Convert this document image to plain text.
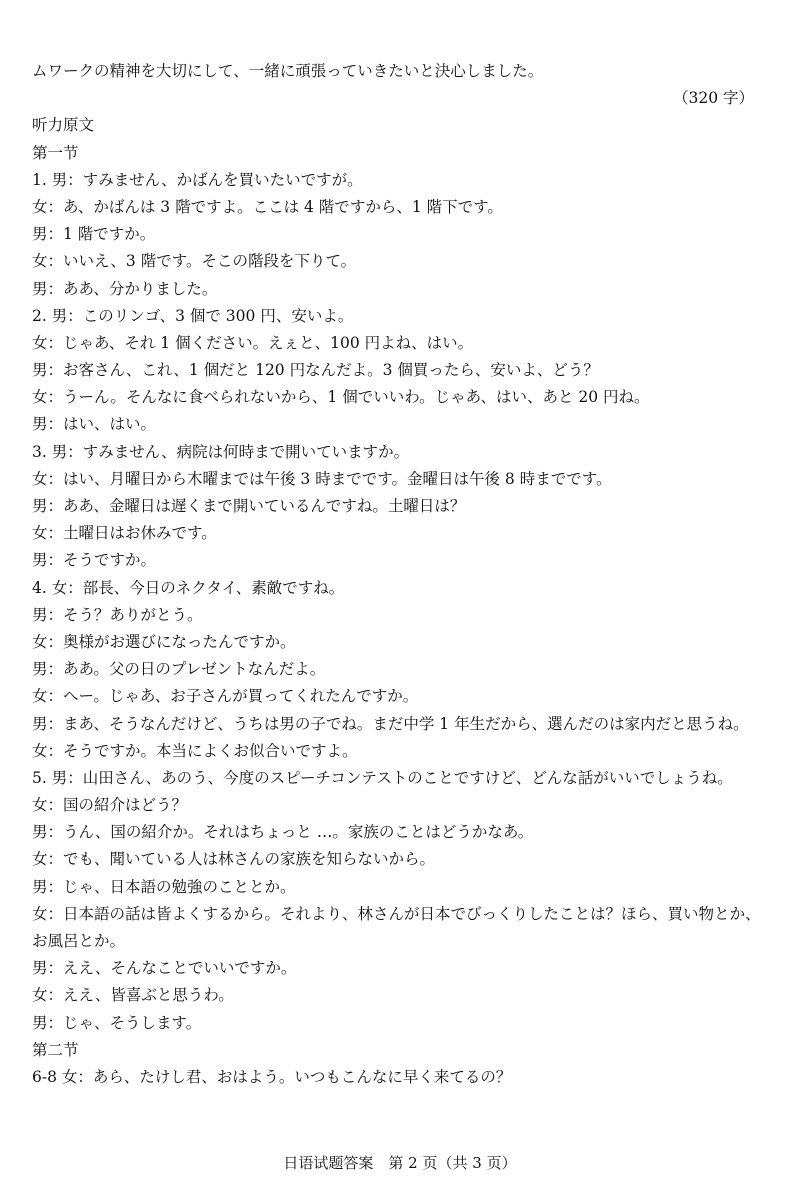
ムワークの精神を大切にして、一緒に頑張っていきたいと決心しました。
（320 字）
听力原文
第一节
1. 男：すみません、かばんを買いたいですが。
女：あ、かばんは 3 階ですよ。ここは 4 階ですから、1 階下です。
男：1 階ですか。
女：いいえ、3 階です。そこの階段を下りて。
男：ああ、分かりました。
2. 男：このリンゴ、3 個で 300 円、安いよ。
女：じゃあ、それ 1 個ください。えぇと、100 円よね、はい。
男：お客さん、これ、1 個だと 120 円なんだよ。3 個買ったら、安いよ、どう？
女：うーん。そんなに食べられないから、1 個でいいわ。じゃあ、はい、あと 20 円ね。
男：はい、はい。
3. 男：すみません、病院は何時まで開いていますか。
女：はい、月曜日から木曜までは午後 3 時までです。金曜日は午後 8 時までです。
男：ああ、金曜日は遅くまで開いているんですね。土曜日は？
女：土曜日はお休みです。
男：そうですか。
4. 女：部長、今日のネクタイ、素敵ですね。
男：そう？ありがとう。
女：奥様がお選びになったんですか。
男：ああ。父の日のプレゼントなんだよ。
女：へー。じゃあ、お子さんが買ってくれたんですか。
男：まあ、そうなんだけど、うちは男の子でね。まだ中学 1 年生だから、選んだのは家内だと思うね。
女：そうですか。本当によくお似合いですよ。
5. 男：山田さん、あのう、今度のスピーチコンテストのことですけど、どんな話がいいでしょうね。
女：国の紹介はどう？
男：うん、国の紹介か。それはちょっと …。家族のことはどうかなあ。
女：でも、聞いている人は林さんの家族を知らないから。
男：じゃ、日本語の勉強のこととか。
女：日本語の話は皆よくするから。それより、林さんが日本でびっくりしたことは？ほら、買い物とか、
お風呂とか。
男：ええ、そんなことでいいですか。
女：ええ、皆喜ぶと思うわ。
男：じゃ、そうします。
第二节
6-8 女：あら、たけし君、おはよう。いつもこんなに早く来てるの？
日语试题答案　第 2 页（共 3 页）
